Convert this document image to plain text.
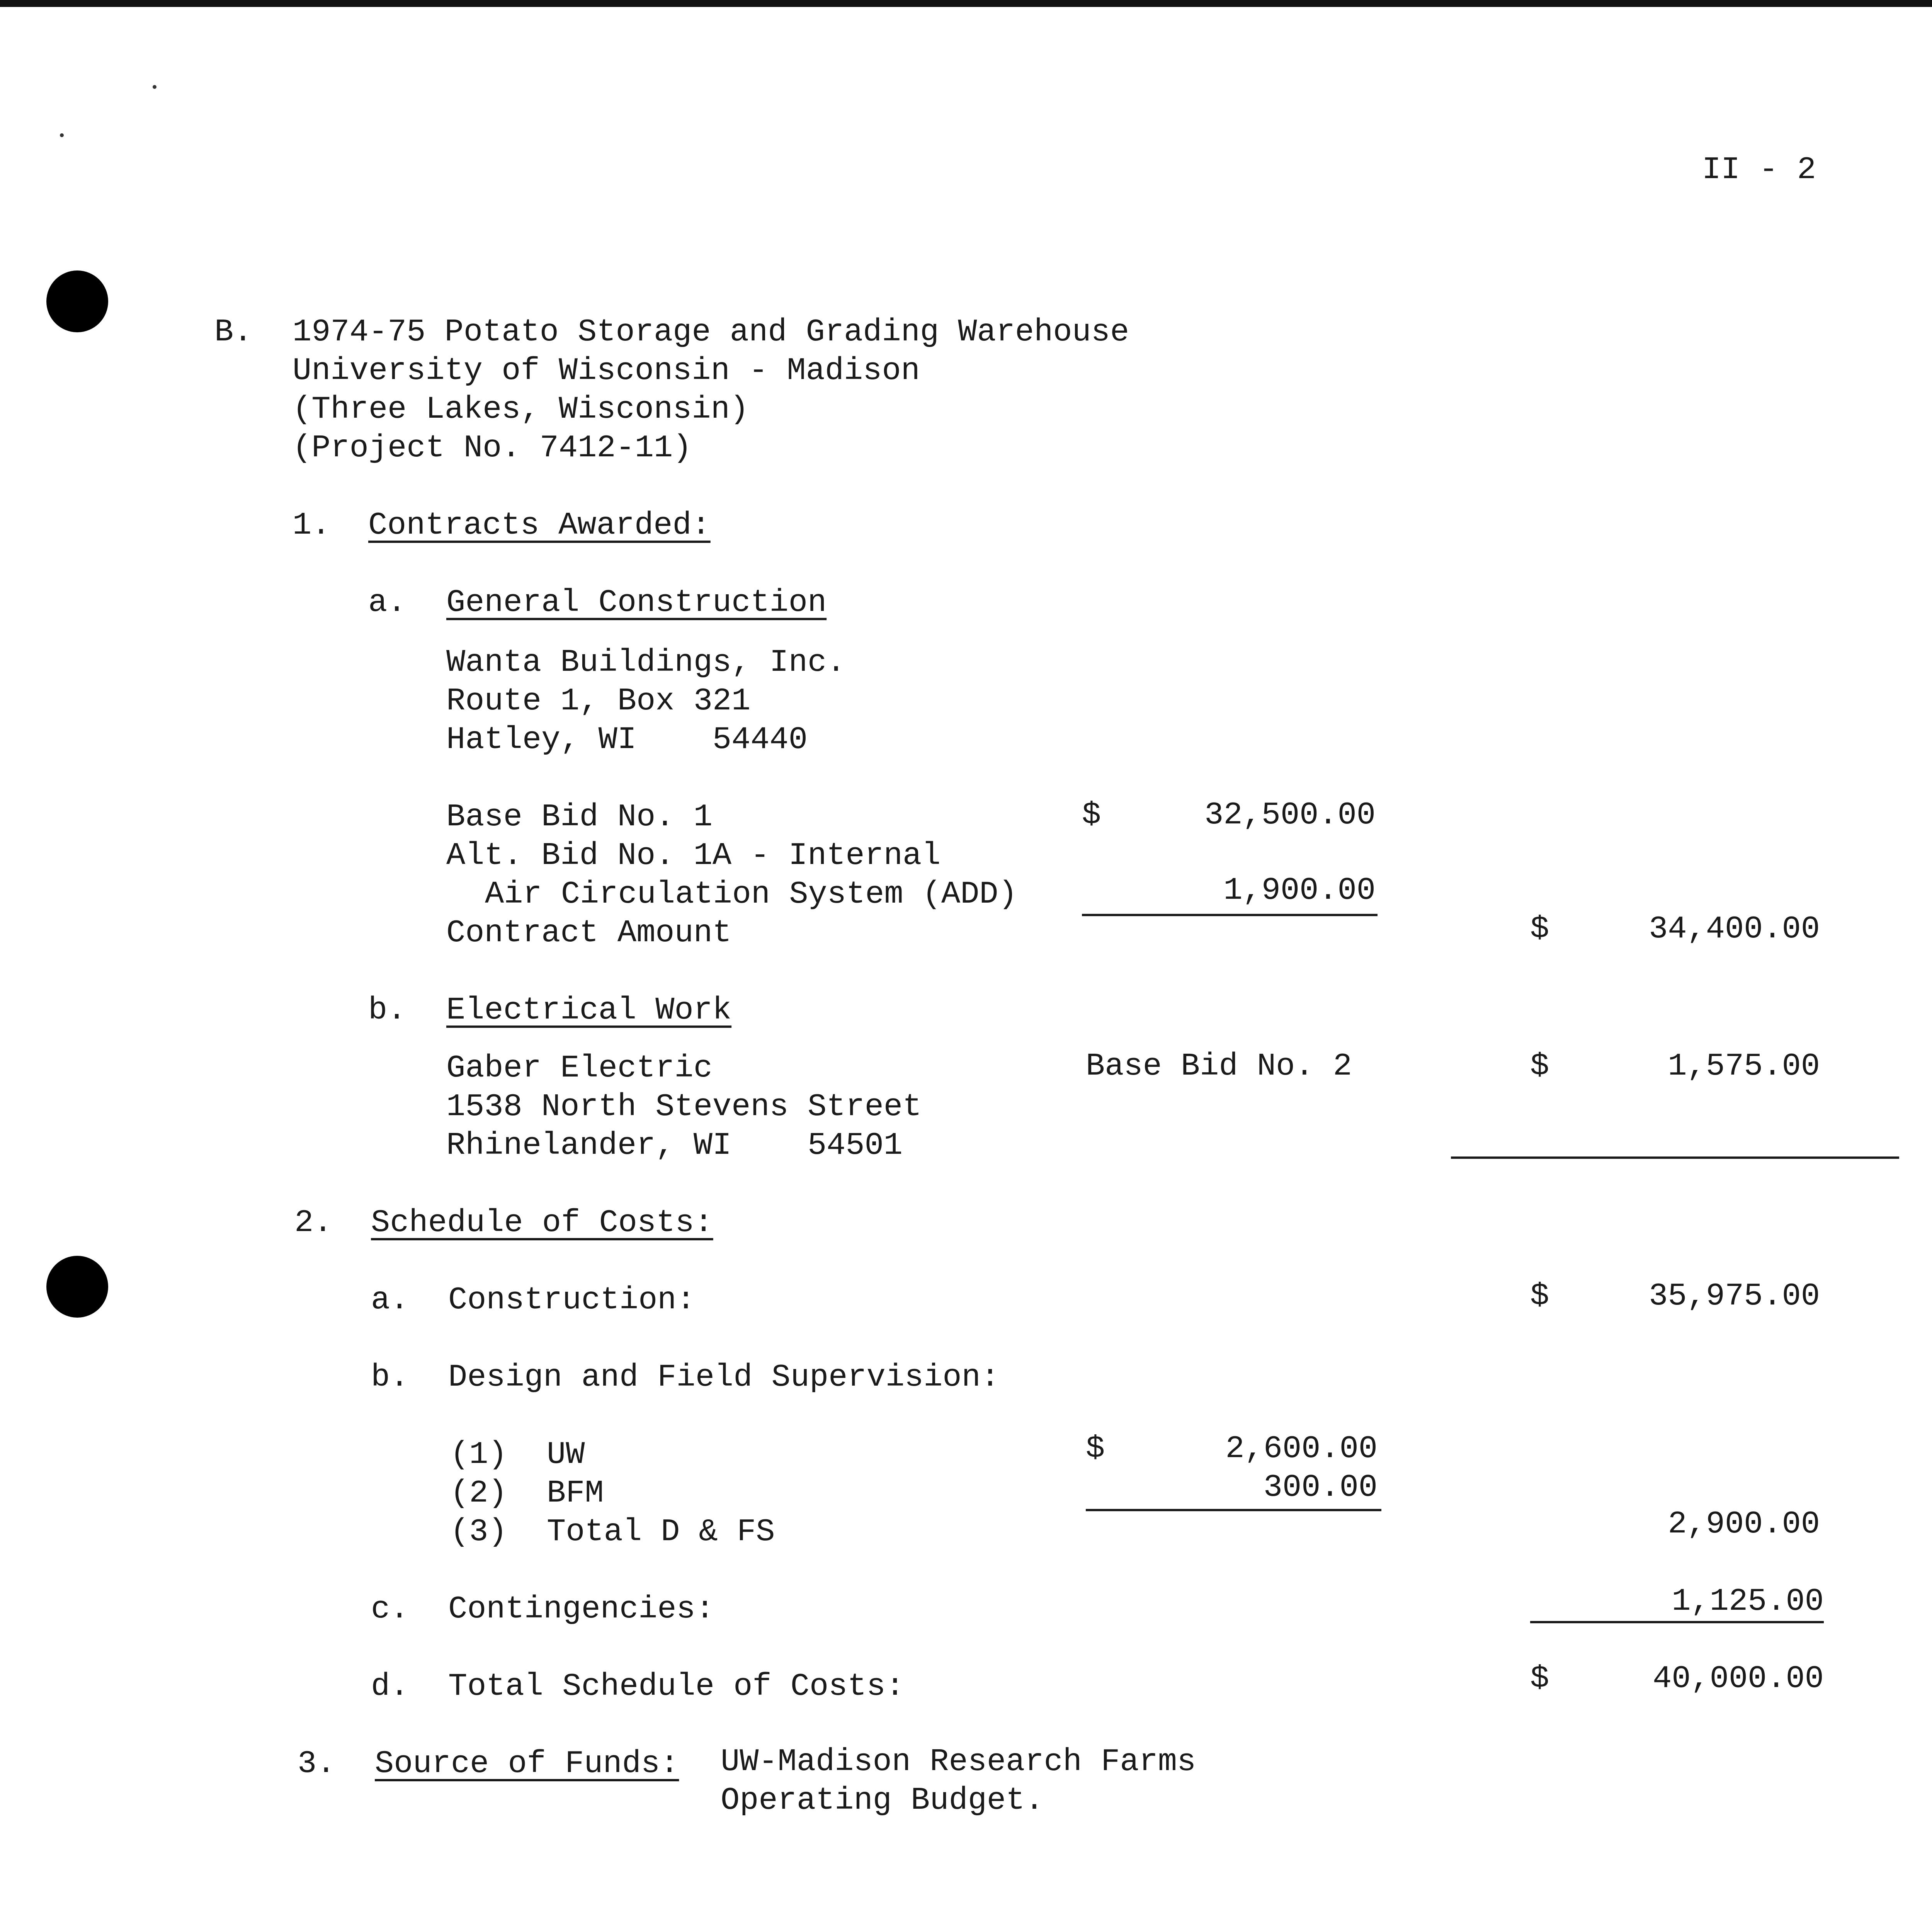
II - 2
B. 1974-75 Potato Storage and Grading Warehouse
University of Wisconsin - Madison
(Three Lakes, Wisconsin)
(Project No. 7412-11)
1. Contracts Awarded:
a. General Construction
Wanta Buildings, Inc.
Route 1, Box 321
Hatley, WI    54440
Base Bid No. 1	$	32,500.00
Alt. Bid No. 1A - Internal
Air Circulation System (ADD)	1,900.00
Contract Amount	$	34,400.00
b. Electrical Work
Gaber Electric	Base Bid No. 2	$	1,575.00
1538 North Stevens Street
Rhinelander, WI    54501
2. Schedule of Costs:
a. Construction:	$	35,975.00
b. Design and Field Supervision:
(1) UW	$	2,600.00
(2) BFM	300.00
(3) Total D & FS	2,900.00
c. Contingencies:	1,125.00
d. Total Schedule of Costs:	$	40,000.00
3. Source of Funds: UW-Madison Research Farms
Operating Budget.
